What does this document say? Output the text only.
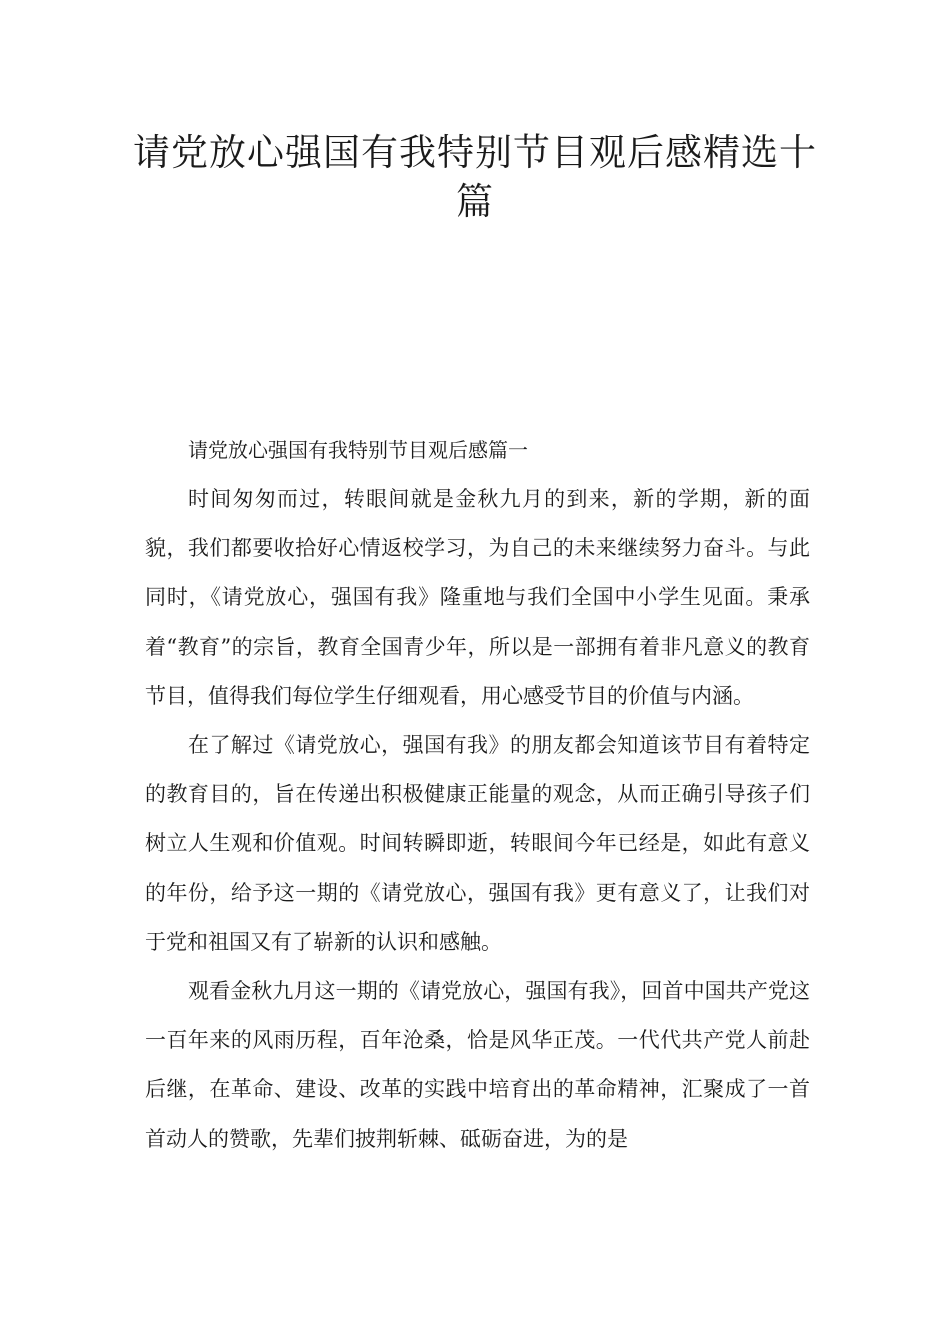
请党放心强国有我特别节目观后感精选十篇
请党放心强国有我特别节目观后感篇一

时间匆匆而过，转眼间就是金秋九月的到来，新的学期，新的面貌，我们都要收拾好心情返校学习，为自己的未来继续努力奋斗。与此同时，《请党放心，强国有我》隆重地与我们全国中小学生见面。秉承着“教育”的宗旨，教育全国青少年，所以是一部拥有着非凡意义的教育节目，值得我们每位学生仔细观看，用心感受节目的价值与内涵。

在了解过《请党放心，强国有我》的朋友都会知道该节目有着特定的教育目的，旨在传递出积极健康正能量的观念，从而正确引导孩子们树立人生观和价值观。时间转瞬即逝，转眼间今年已经是，如此有意义的年份，给予这一期的《请党放心，强国有我》更有意义了，让我们对于党和祖国又有了崭新的认识和感触。

观看金秋九月这一期的《请党放心，强国有我》，回首中国共产党这一百年来的风雨历程，百年沧桑，恰是风华正茂。一代代共产党人前赴后继，在革命、建设、改革的实践中培育出的革命精神，汇聚成了一首首动人的赞歌，先辈们披荆斩棘、砥砺奋进，为的是
